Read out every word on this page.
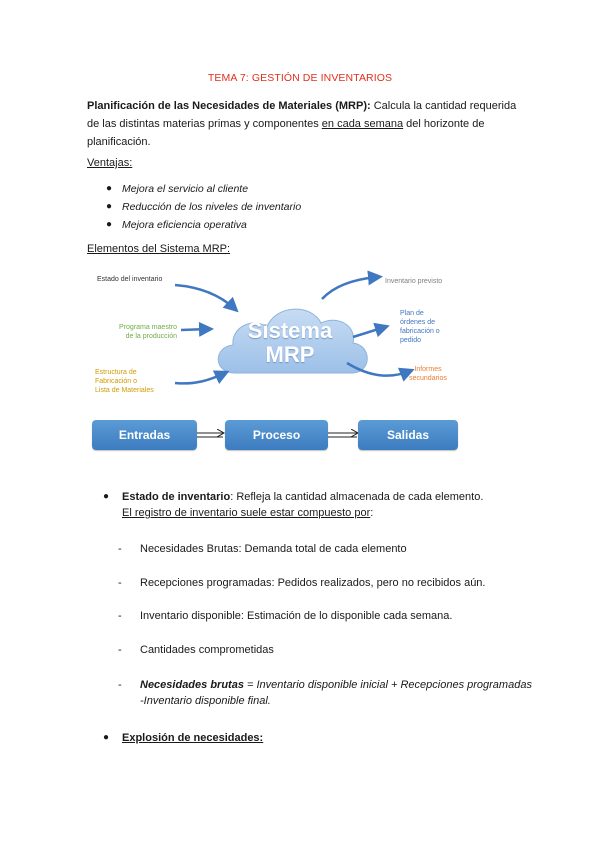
TEMA 7: GESTIÓN DE INVENTARIOS
Planificación de las Necesidades de Materiales (MRP): Calcula la cantidad requerida de las distintas materias primas y componentes en cada semana del horizonte de planificación.
Ventajas:
● Mejora el servicio al cliente
● Reducción de los niveles de inventario
● Mejora eficiencia operativa
Elementos del Sistema MRP:
Sistema
MRP
Estado del inventario
Programa maestro
de la producción
Estructura de
Fabricación o
Lista de Materiales
Inventario previsto
Plan de
órdenes de
fabricación o
pedido
Informes
secundarios
Entradas	Proceso	Salidas
●	Estado de inventario: Refleja la cantidad almacenada de cada elemento.
El registro de inventario suele estar compuesto por:
-	Necesidades Brutas: Demanda total de cada elemento
-	Recepciones programadas: Pedidos realizados, pero no recibidos aún.
-	Inventario disponible: Estimación de lo disponible cada semana.
-	Cantidades comprometidas
-	Necesidades brutas = Inventario disponible inicial + Recepciones programadas -Inventario disponible final.
●	Explosión de necesidades:
